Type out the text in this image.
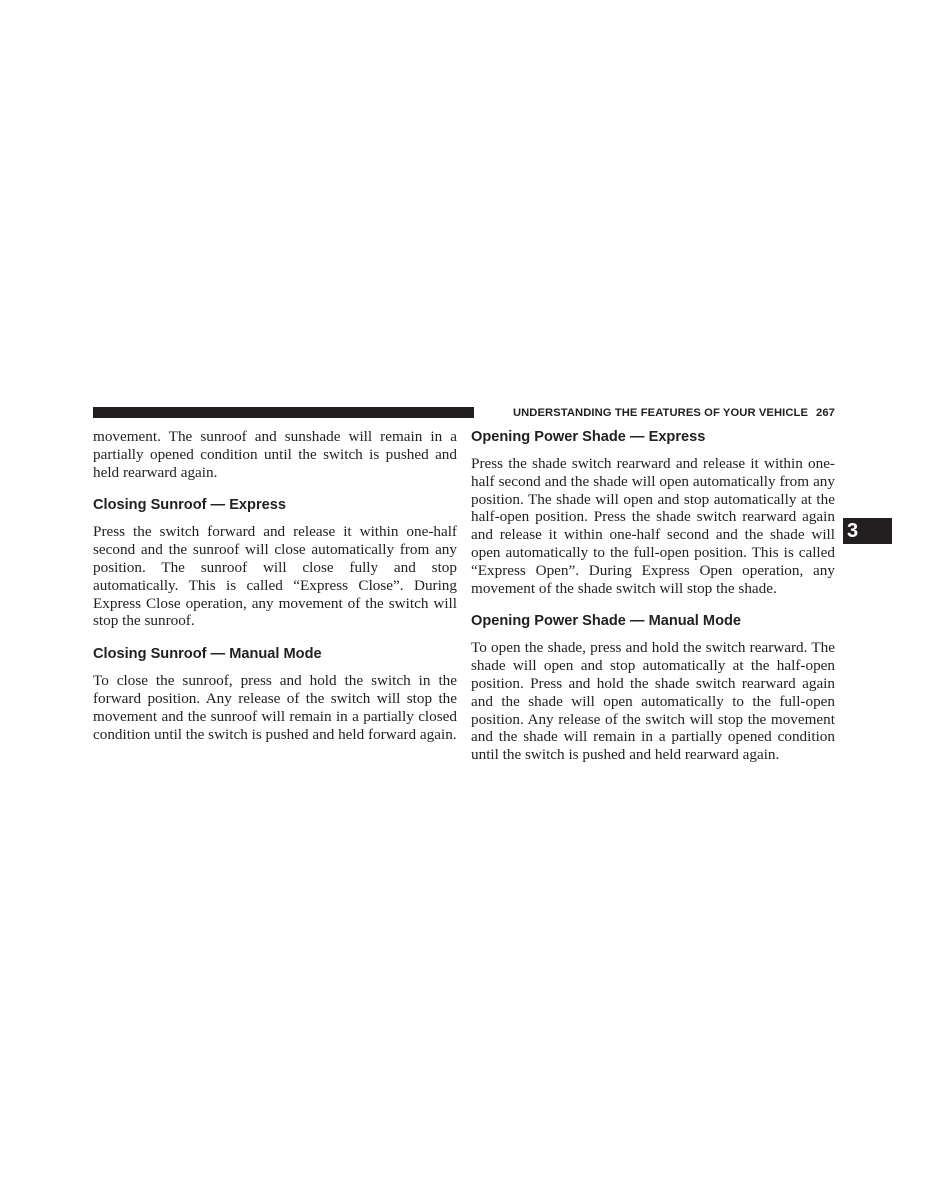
UNDERSTANDING THE FEATURES OF YOUR VEHICLE 267
3

movement. The sunroof and sunshade will remain in a partially opened condition until the switch is pushed and held rearward again.

Closing Sunroof — Express

Press the switch forward and release it within one-half second and the sunroof will close automatically from any position. The sunroof will close fully and stop automatically. This is called “Express Close”. During Express Close operation, any movement of the switch will stop the sunroof.

Closing Sunroof — Manual Mode

To close the sunroof, press and hold the switch in the forward position. Any release of the switch will stop the movement and the sunroof will remain in a partially closed condition until the switch is pushed and held forward again.

Opening Power Shade — Express

Press the shade switch rearward and release it within one-half second and the shade will open automatically from any position. The shade will open and stop automatically at the half-open position. Press the shade switch rearward again and release it within one-half second and the shade will open automatically to the full-open position. This is called “Express Open”. During Express Open operation, any movement of the shade switch will stop the shade.

Opening Power Shade — Manual Mode

To open the shade, press and hold the switch rearward. The shade will open and stop automatically at the half-open position. Press and hold the shade switch rearward again and the shade will open automatically to the full-open position. Any release of the switch will stop the movement and the shade will remain in a partially opened condition until the switch is pushed and held rearward again.
